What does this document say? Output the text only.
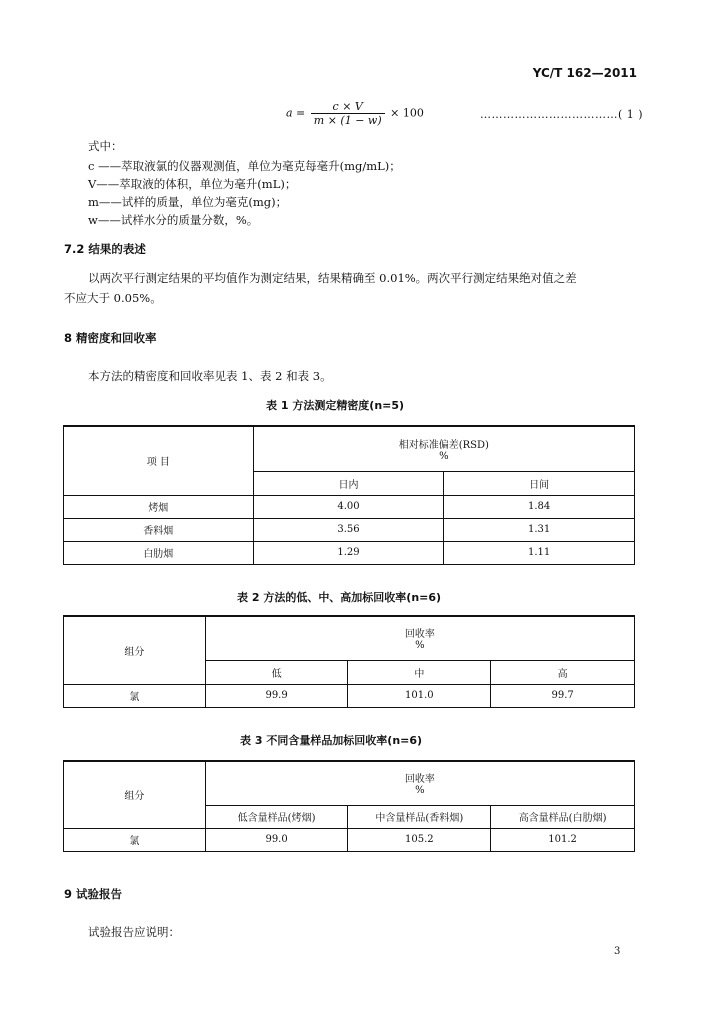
YC/T 162—2011
$a = \frac{c \times V}{m \times (1 - w)} \times 100$	………………………………( 1 )
式中：
c ——萃取液氯的仪器观测值，单位为毫克每毫升(mg/mL)；
V——萃取液的体积，单位为毫升(mL)；
m——试样的质量，单位为毫克(mg)；
w——试样水分的质量分数，%。
7.2 结果的表述
以两次平行测定结果的平均值作为测定结果，结果精确至 0.01%。两次平行测定结果绝对值之差
不应大于 0.05%。
8 精密度和回收率
本方法的精密度和回收率见表 1、表 2 和表 3。
表 1 方法测定精密度(n=5)
项 目	相对标准偏差(RSD)
%	

	日内	日间
烤烟	4.00	1.84
香料烟	3.56	1.31
白肋烟	1.29	1.11
表 2 方法的低、中、高加标回收率(n=6)
组分	回收率
%		

	低	中	高
氯	99.9	101.0	99.7
表 3 不同含量样品加标回收率(n=6)
组分	回收率
%		

	低含量样品(烤烟)	中含量样品(香料烟)	高含量样品(白肋烟)
氯	99.0	105.2	101.2
9 试验报告
试验报告应说明：
3
